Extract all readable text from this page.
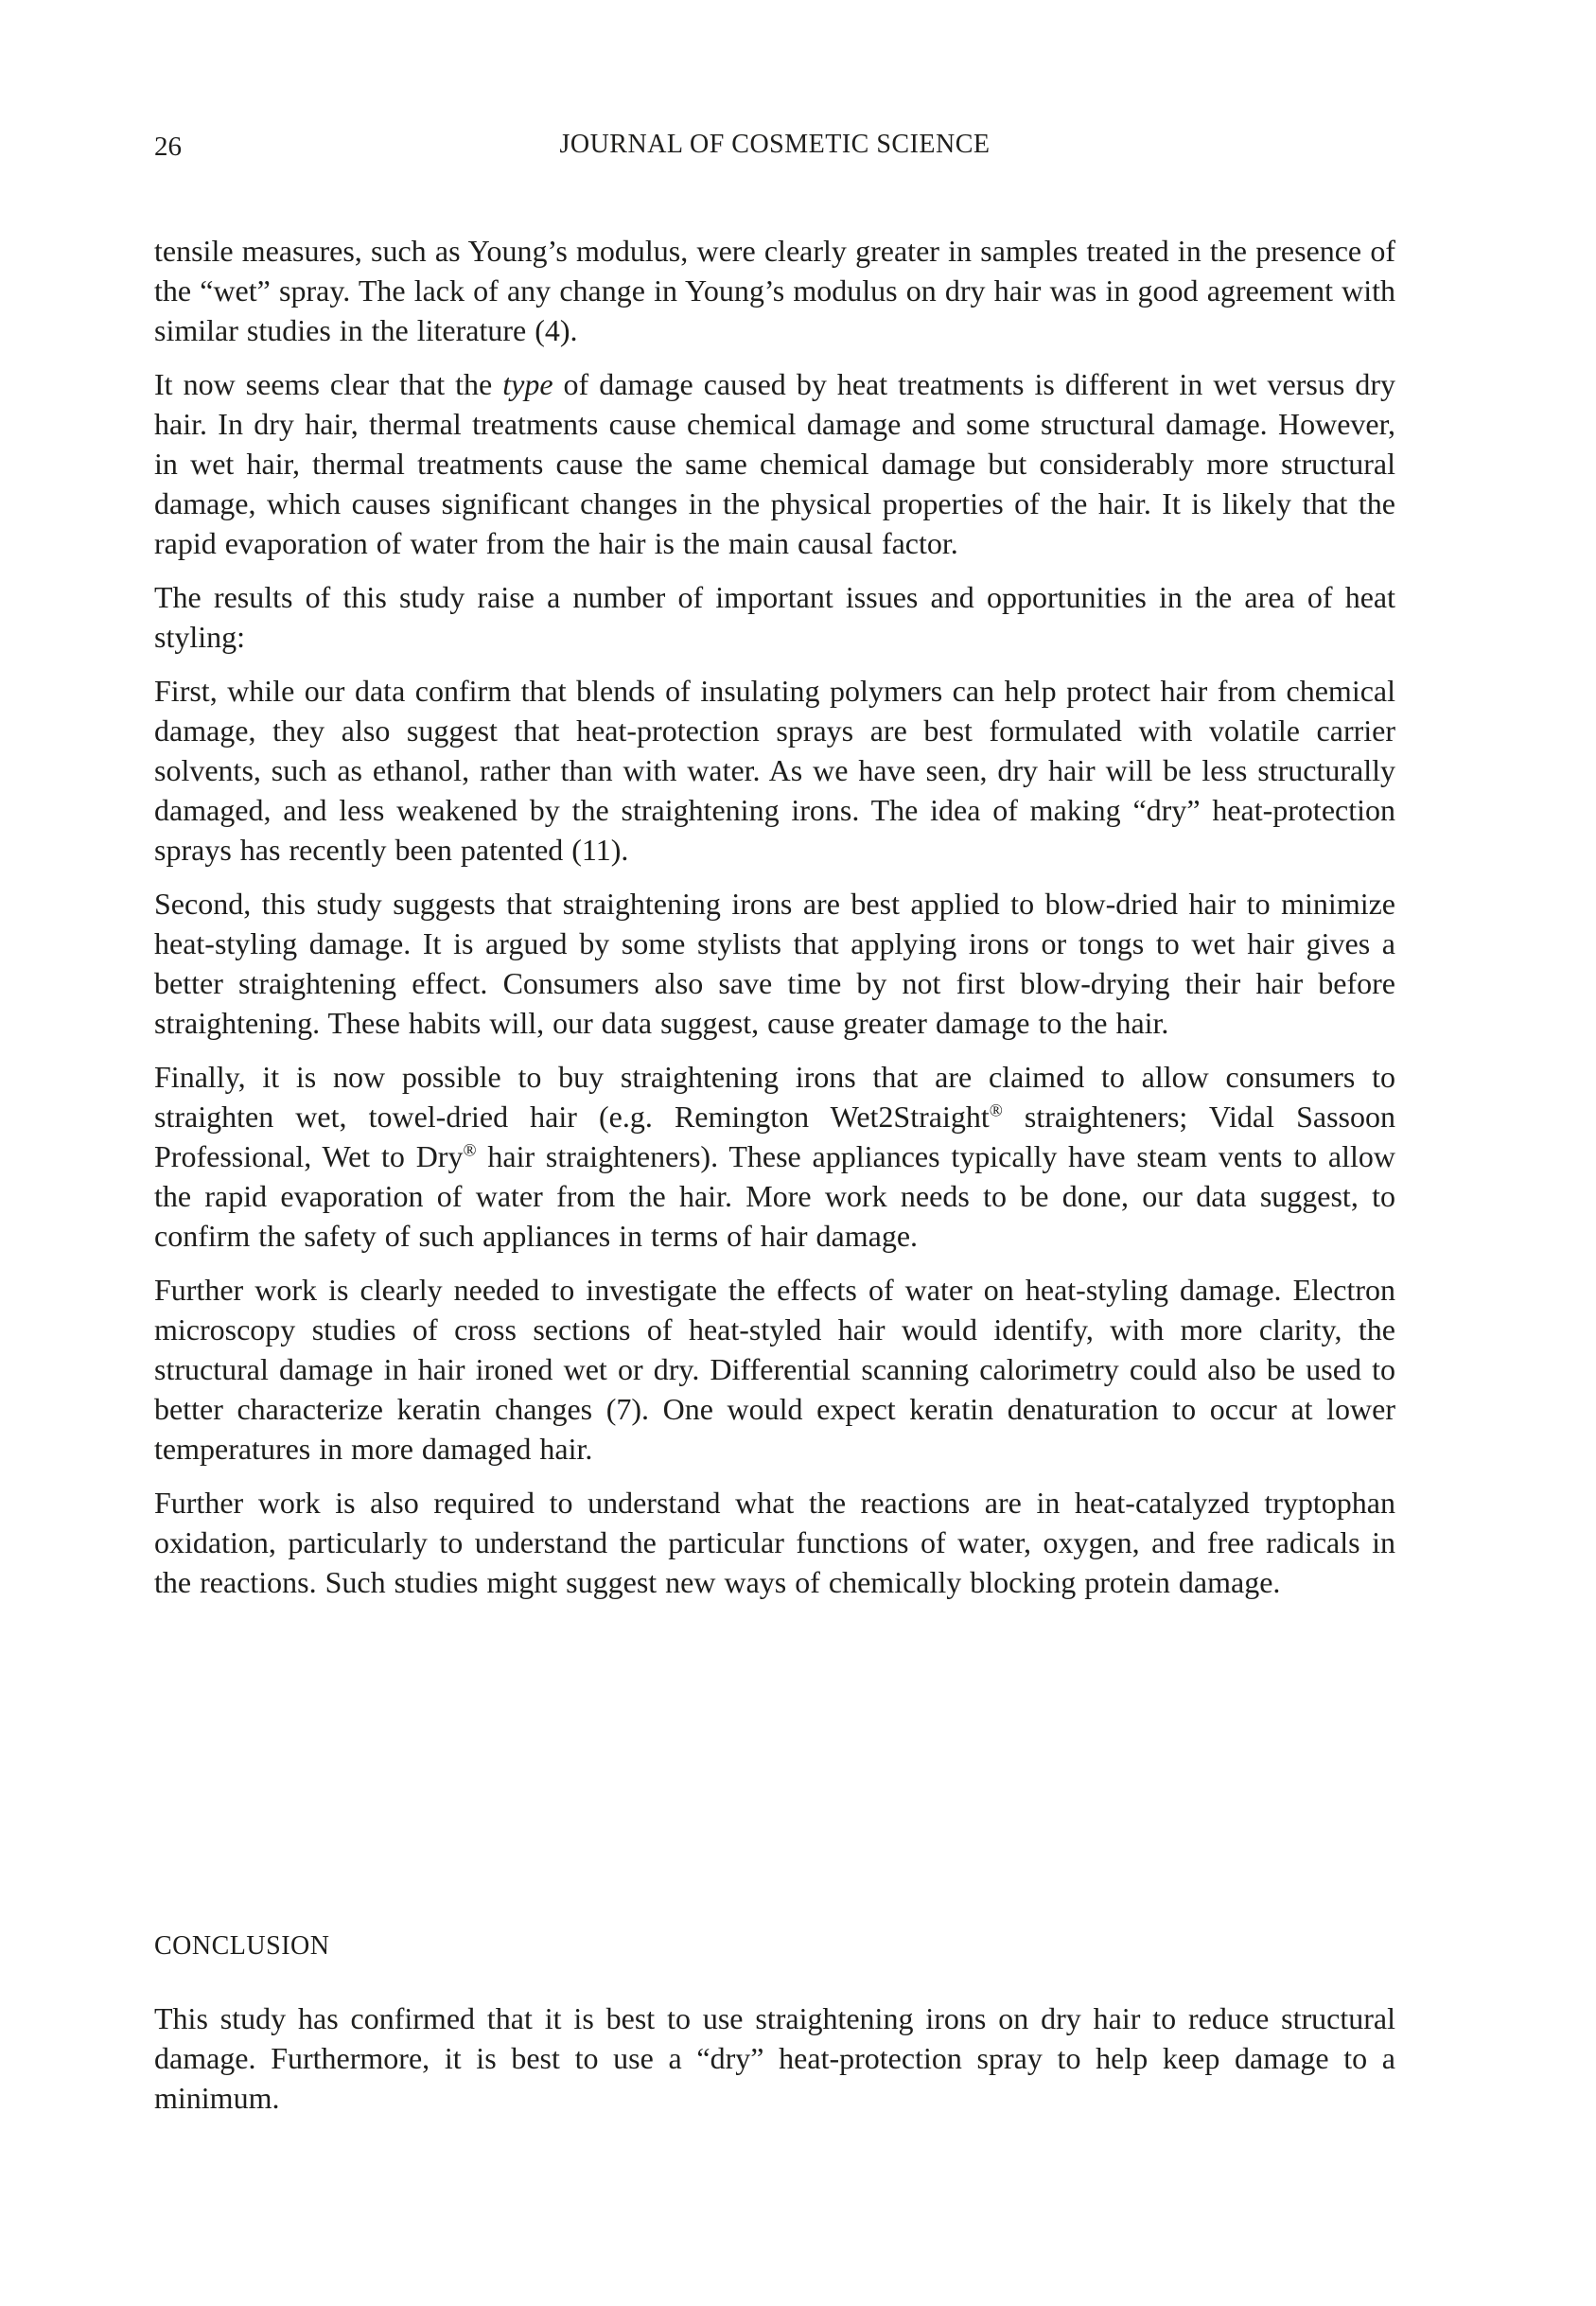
26	JOURNAL OF COSMETIC SCIENCE

tensile measures, such as Young’s modulus, were clearly greater in samples treated in the presence of the “wet” spray. The lack of any change in Young’s modulus on dry hair was in good agreement with similar studies in the literature (4).

It now seems clear that the type of damage caused by heat treatments is different in wet versus dry hair. In dry hair, thermal treatments cause chemical damage and some structural damage. However, in wet hair, thermal treatments cause the same chemical damage but considerably more structural damage, which causes significant changes in the physical properties of the hair. It is likely that the rapid evaporation of water from the hair is the main causal factor.

The results of this study raise a number of important issues and opportunities in the area of heat styling:

First, while our data confirm that blends of insulating polymers can help protect hair from chemical damage, they also suggest that heat-protection sprays are best formulated with volatile carrier solvents, such as ethanol, rather than with water. As we have seen, dry hair will be less structurally damaged, and less weakened by the straightening irons. The idea of making “dry” heat-protection sprays has recently been patented (11).

Second, this study suggests that straightening irons are best applied to blow-dried hair to minimize heat-styling damage. It is argued by some stylists that applying irons or tongs to wet hair gives a better straightening effect. Consumers also save time by not first blow-drying their hair before straightening. These habits will, our data suggest, cause greater damage to the hair.

Finally, it is now possible to buy straightening irons that are claimed to allow consumers to straighten wet, towel-dried hair (e.g. Remington Wet2Straight® straighteners; Vidal Sassoon Professional, Wet to Dry® hair straighteners). These appliances typically have steam vents to allow the rapid evaporation of water from the hair. More work needs to be done, our data suggest, to confirm the safety of such appliances in terms of hair damage.

Further work is clearly needed to investigate the effects of water on heat-styling damage. Electron microscopy studies of cross sections of heat-styled hair would identify, with more clarity, the structural damage in hair ironed wet or dry. Differential scanning calorimetry could also be used to better characterize keratin changes (7). One would expect keratin denaturation to occur at lower temperatures in more damaged hair.

Further work is also required to understand what the reactions are in heat-catalyzed tryptophan oxidation, particularly to understand the particular functions of water, oxygen, and free radicals in the reactions. Such studies might suggest new ways of chemically blocking protein damage.

CONCLUSION

This study has confirmed that it is best to use straightening irons on dry hair to reduce structural damage. Furthermore, it is best to use a “dry” heat-protection spray to help keep damage to a minimum.
